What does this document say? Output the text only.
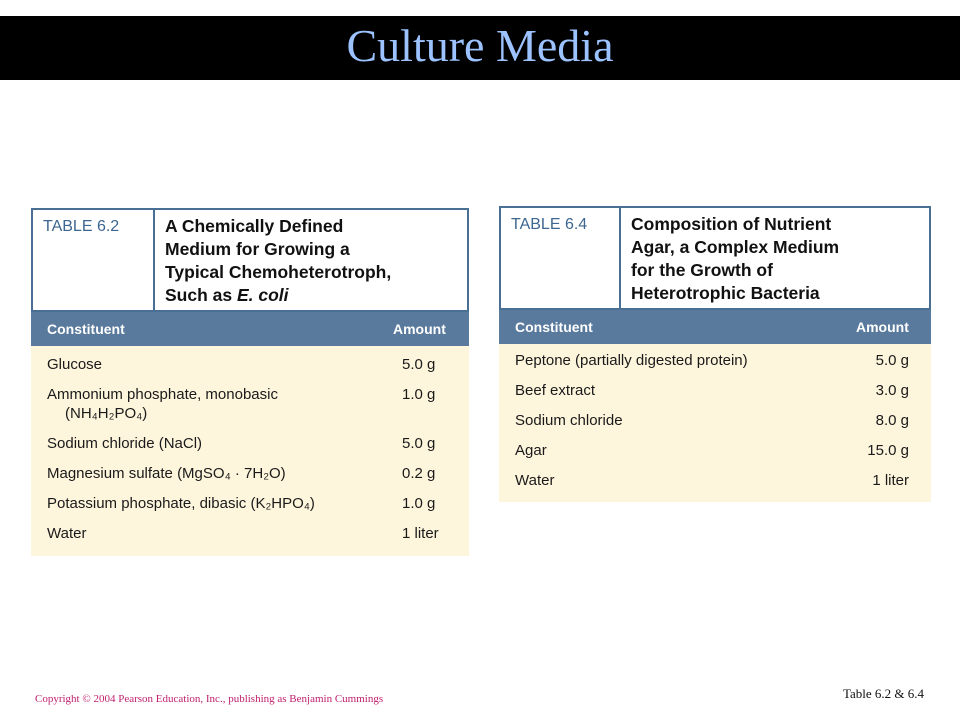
Culture Media
TABLE 6.2	A Chemically Defined
Medium for Growing a
Typical Chemoheterotroph,
Such as E. coli
Constituent	Amount
Glucose	5.0 g
Ammonium phosphate, monobasic	1.0 g
(NH₄H₂PO₄)
Sodium chloride (NaCl)	5.0 g
Magnesium sulfate (MgSO₄ · 7H₂O)	0.2 g
Potassium phosphate, dibasic (K₂HPO₄)	1.0 g
Water	1 liter
TABLE 6.4	Composition of Nutrient
Agar, a Complex Medium
for the Growth of
Heterotrophic Bacteria
Constituent	Amount
Peptone (partially digested protein)	5.0 g
Beef extract	3.0 g
Sodium chloride	8.0 g
Agar	15.0 g
Water	1 liter
Copyright © 2004 Pearson Education, Inc., publishing as Benjamin Cummings	Table 6.2 & 6.4
